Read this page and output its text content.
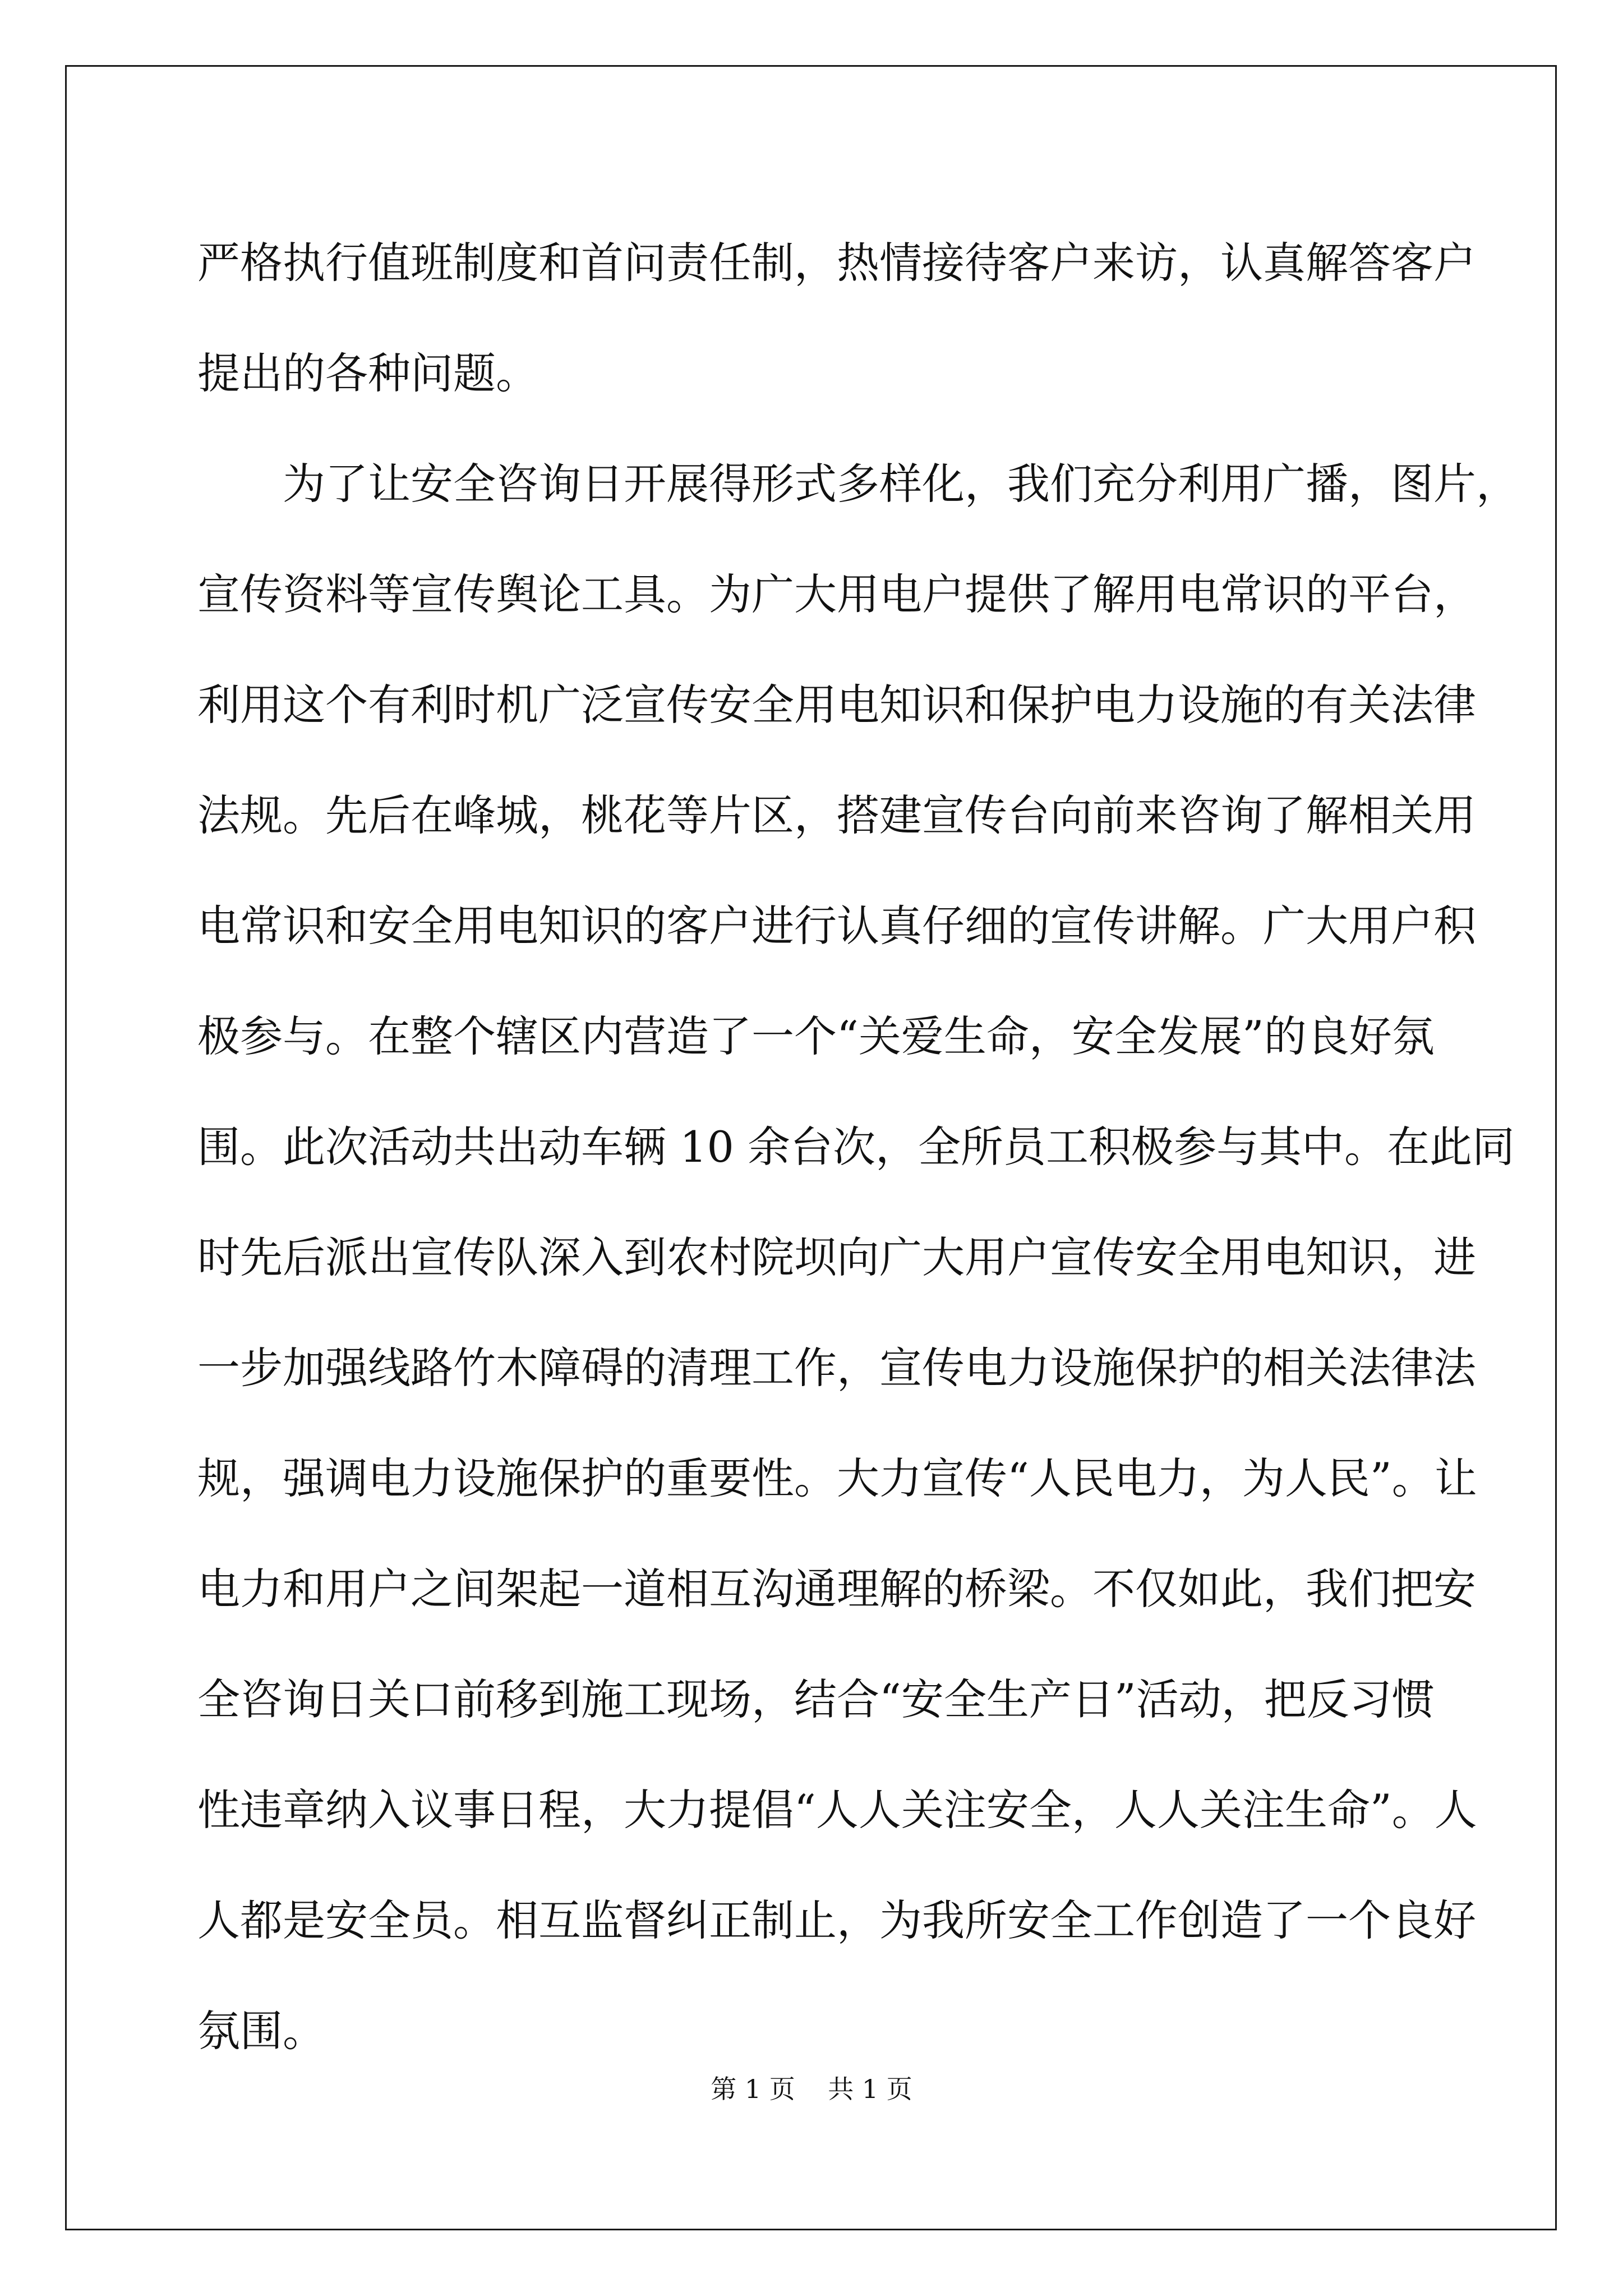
严格执行值班制度和首问责任制，热情接待客户来访，认真解答客户
提出的各种问题。
为了让安全咨询日开展得形式多样化，我们充分利用广播，图片，
宣传资料等宣传舆论工具。为广大用电户提供了解用电常识的平台，
利用这个有利时机广泛宣传安全用电知识和保护电力设施的有关法律
法规。先后在峰城，桃花等片区，搭建宣传台向前来咨询了解相关用
电常识和安全用电知识的客户进行认真仔细的宣传讲解。广大用户积
极参与。在整个辖区内营造了一个“关爱生命，安全发展”的良好氛
围。此次活动共出动车辆 10 余台次，全所员工积极参与其中。在此同
时先后派出宣传队深入到农村院坝向广大用户宣传安全用电知识，进
一步加强线路竹木障碍的清理工作，宣传电力设施保护的相关法律法
规，强调电力设施保护的重要性。大力宣传“人民电力，为人民”。让
电力和用户之间架起一道相互沟通理解的桥梁。不仅如此，我们把安
全咨询日关口前移到施工现场，结合“安全生产日”活动，把反习惯
性违章纳入议事日程，大力提倡“人人关注安全，人人关注生命”。人
人都是安全员。相互监督纠正制止，为我所安全工作创造了一个良好
氛围。
第 1 页    共 1 页
